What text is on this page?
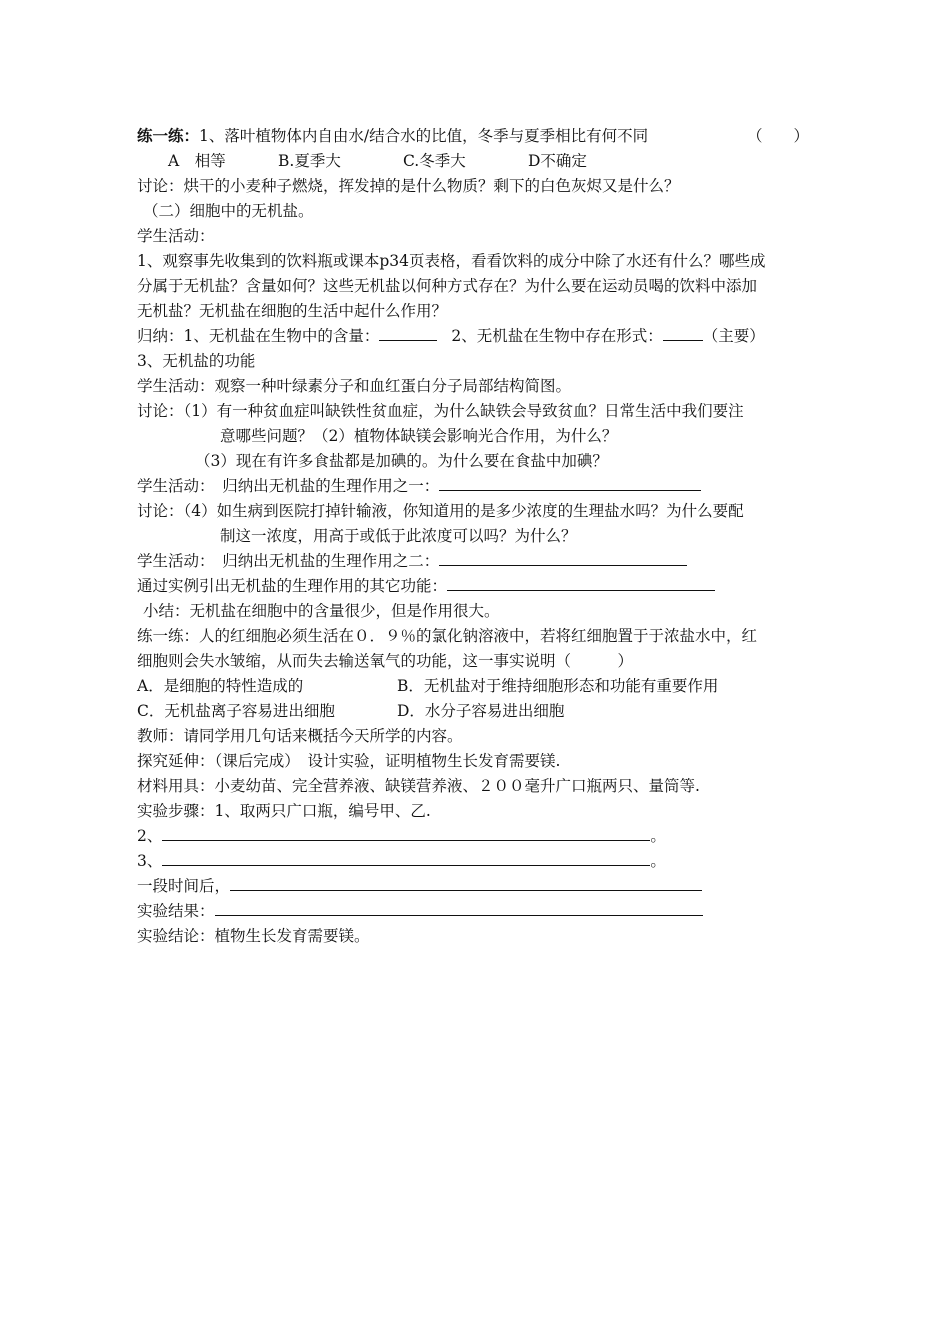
练一练：1、落叶植物体内自由水/结合水的比值，冬季与夏季相比有何不同	（　　）
A　相等	B.夏季大	C.冬季大	D不确定
讨论：烘干的小麦种子燃烧，挥发掉的是什么物质？剩下的白色灰烬又是什么？
（二）细胞中的无机盐。
学生活动：
1、观察事先收集到的饮料瓶或课本p34页表格，看看饮料的成分中除了水还有什么？哪些成
分属于无机盐？含量如何？这些无机盐以何种方式存在？为什么要在运动员喝的饮料中添加
无机盐？无机盐在细胞的生活中起什么作用？
归纳：1、无机盐在生物中的含量：	2、无机盐在生物中存在形式：	（主要）
3、无机盐的功能
学生活动：观察一种叶绿素分子和血红蛋白分子局部结构简图。
讨论：（1）有一种贫血症叫缺铁性贫血症，为什么缺铁会导致贫血？日常生活中我们要注
意哪些问题？（2）植物体缺镁会影响光合作用，为什么？
（3）现在有许多食盐都是加碘的。为什么要在食盐中加碘？
学生活动：　归纳出无机盐的生理作用之一：
讨论：（4）如生病到医院打掉针输液，你知道用的是多少浓度的生理盐水吗？为什么要配
制这一浓度，用高于或低于此浓度可以吗？为什么？
学生活动：　归纳出无机盐的生理作用之二：
通过实例引出无机盐的生理作用的其它功能：
小结：无机盐在细胞中的含量很少，但是作用很大。
练一练：人的红细胞必须生活在０．９％的氯化钠溶液中，若将红细胞置于于浓盐水中，红
细胞则会失水皱缩，从而失去输送氧气的功能，这一事实说明（　　　）
A．是细胞的特性造成的	B．无机盐对于维持细胞形态和功能有重要作用
C．无机盐离子容易进出细胞	D．水分子容易进出细胞
教师：请同学用几句话来概括今天所学的内容。
探究延伸：（课后完成）　设计实验，证明植物生长发育需要镁.
材料用具：小麦幼苗、完全营养液、缺镁营养液、２００毫升广口瓶两只、量筒等.
实验步骤：1、取两只广口瓶，编号甲、乙.
2、	。
3、	。
一段时间后，
实验结果：
实验结论：植物生长发育需要镁。
